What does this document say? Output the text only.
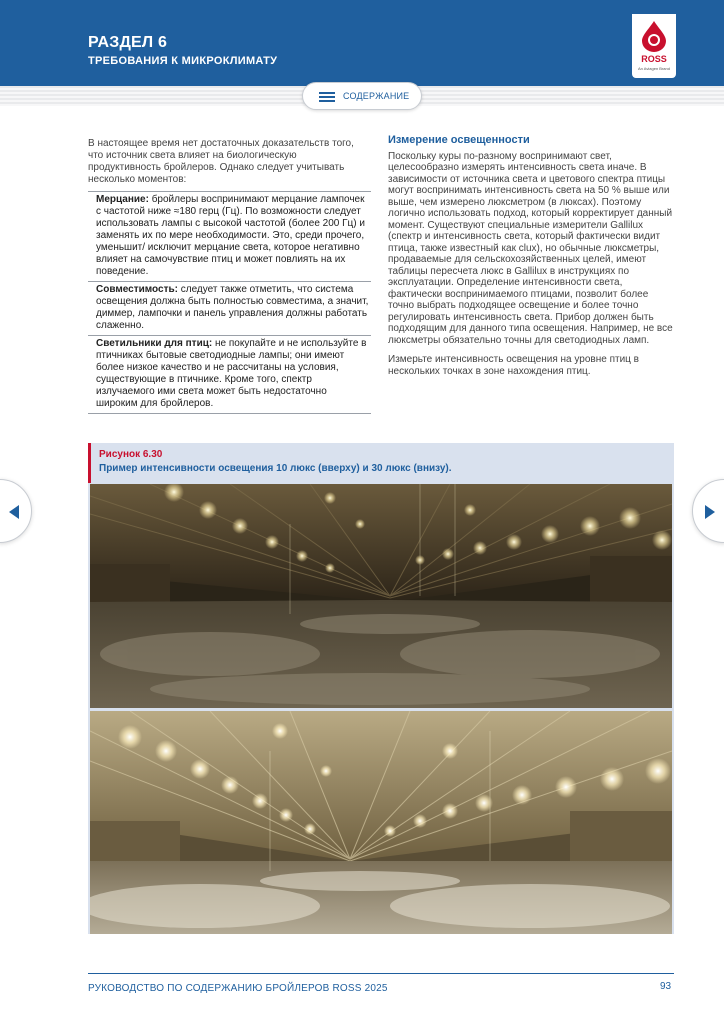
РАЗДЕЛ 6
ТРЕБОВАНИЯ К МИКРОКЛИМАТУ	ROSS
An Aviagen Brand
СОДЕРЖАНИЕ

В настоящее время нет достаточных доказательств того, что источник света влияет на биологическую продуктивность бройлеров. Однако следует учитывать несколько моментов:

Мерцание: бройлеры воспринимают мерцание лампочек с частотой ниже ≈180 герц (Гц). По возможности следует использовать лампы с высокой частотой (более 200 Гц) и заменять их по мере необходимости. Это, среди прочего, уменьшит/ исключит мерцание света, которое негативно влияет на самочувствие птиц и может повлиять на их поведение.
Совместимость: следует также отметить, что система освещения должна быть полностью совместима, а значит, диммер, лампочки и панель управления должны работать слаженно.
Светильники для птиц: не покупайте и не используйте в птичниках бытовые светодиодные лампы; они имеют более низкое качество и не рассчитаны на условия, существующие в птичнике. Кроме того, спектр излучаемого ими света может быть недостаточно широким для бройлеров.
Измерение освещенности

Поскольку куры по-разному воспринимают свет, целесообразно измерять интенсивность света иначе. В зависимости от источника света и цветового спектра птицы могут воспринимать интенсивность света на 50 % выше или выше, чем измерено люксметром (в люксах). Поэтому логично использовать подход, который корректирует данный момент. Существуют специальные измерители Gallilux (спектр и интенсивность света, который фактически видит птица, также известный как clux), но обычные люксметры, продаваемые для сельскохозяйственных целей, имеют таблицы пересчета люкс в Gallilux в инструкциях по эксплуатации. Определение интенсивности света, фактически воспринимаемого птицами, позволит более точно выбрать подходящее освещение и более точно регулировать интенсивность света. Прибор должен быть подходящим для данного типа освещения. Например, не все люксметры обязательно точны для светодиодных ламп.

Измерьте интенсивность освещения на уровне птиц в нескольких точках в зоне нахождения птиц.

Рисунок 6.30
Пример интенсивности освещения 10 люкс (вверху) и 30 люкс (внизу).
РУКОВОДСТВО ПО СОДЕРЖАНИЮ БРОЙЛЕРОВ ROSS 2025	93
